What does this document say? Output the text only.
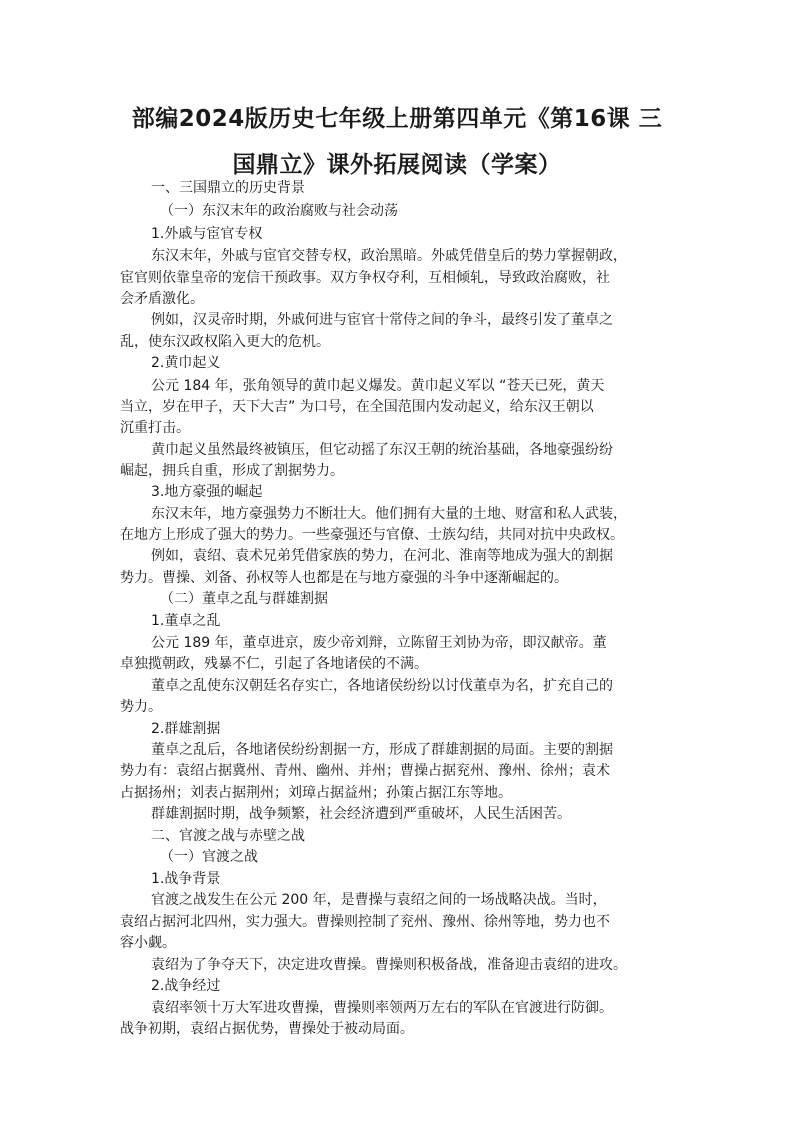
部编2024版历史七年级上册第四单元《第16课 三
国鼎立》课外拓展阅读（学案）
一、三国鼎立的历史背景
（一）东汉末年的政治腐败与社会动荡
1.外戚与宦官专权
东汉末年，外戚与宦官交替专权，政治黑暗。外戚凭借皇后的势力掌握朝政，
宦官则依靠皇帝的宠信干预政事。双方争权夺利，互相倾轧，导致政治腐败，社
会矛盾激化。
例如，汉灵帝时期，外戚何进与宦官十常侍之间的争斗，最终引发了董卓之
乱，使东汉政权陷入更大的危机。
2.黄巾起义
公元 184 年，张角领导的黄巾起义爆发。黄巾起义军以 “苍天已死，黄天
当立，岁在甲子，天下大吉” 为口号，在全国范围内发动起义，给东汉王朝以
沉重打击。
黄巾起义虽然最终被镇压，但它动摇了东汉王朝的统治基础，各地豪强纷纷
崛起，拥兵自重，形成了割据势力。
3.地方豪强的崛起
东汉末年，地方豪强势力不断壮大。他们拥有大量的土地、财富和私人武装，
在地方上形成了强大的势力。一些豪强还与官僚、士族勾结，共同对抗中央政权。
例如，袁绍、袁术兄弟凭借家族的势力，在河北、淮南等地成为强大的割据
势力。曹操、刘备、孙权等人也都是在与地方豪强的斗争中逐渐崛起的。
（二）董卓之乱与群雄割据
1.董卓之乱
公元 189 年，董卓进京，废少帝刘辩，立陈留王刘协为帝，即汉献帝。董
卓独揽朝政，残暴不仁，引起了各地诸侯的不满。
董卓之乱使东汉朝廷名存实亡，各地诸侯纷纷以讨伐董卓为名，扩充自己的
势力。
2.群雄割据
董卓之乱后，各地诸侯纷纷割据一方，形成了群雄割据的局面。主要的割据
势力有：袁绍占据冀州、青州、幽州、并州；曹操占据兖州、豫州、徐州；袁术
占据扬州；刘表占据荆州；刘璋占据益州；孙策占据江东等地。
群雄割据时期，战争频繁，社会经济遭到严重破坏，人民生活困苦。
二、官渡之战与赤壁之战
（一）官渡之战
1.战争背景
官渡之战发生在公元 200 年，是曹操与袁绍之间的一场战略决战。当时，
袁绍占据河北四州，实力强大。曹操则控制了兖州、豫州、徐州等地，势力也不
容小觑。
袁绍为了争夺天下，决定进攻曹操。曹操则积极备战，准备迎击袁绍的进攻。
2.战争经过
袁绍率领十万大军进攻曹操，曹操则率领两万左右的军队在官渡进行防御。
战争初期，袁绍占据优势，曹操处于被动局面。
